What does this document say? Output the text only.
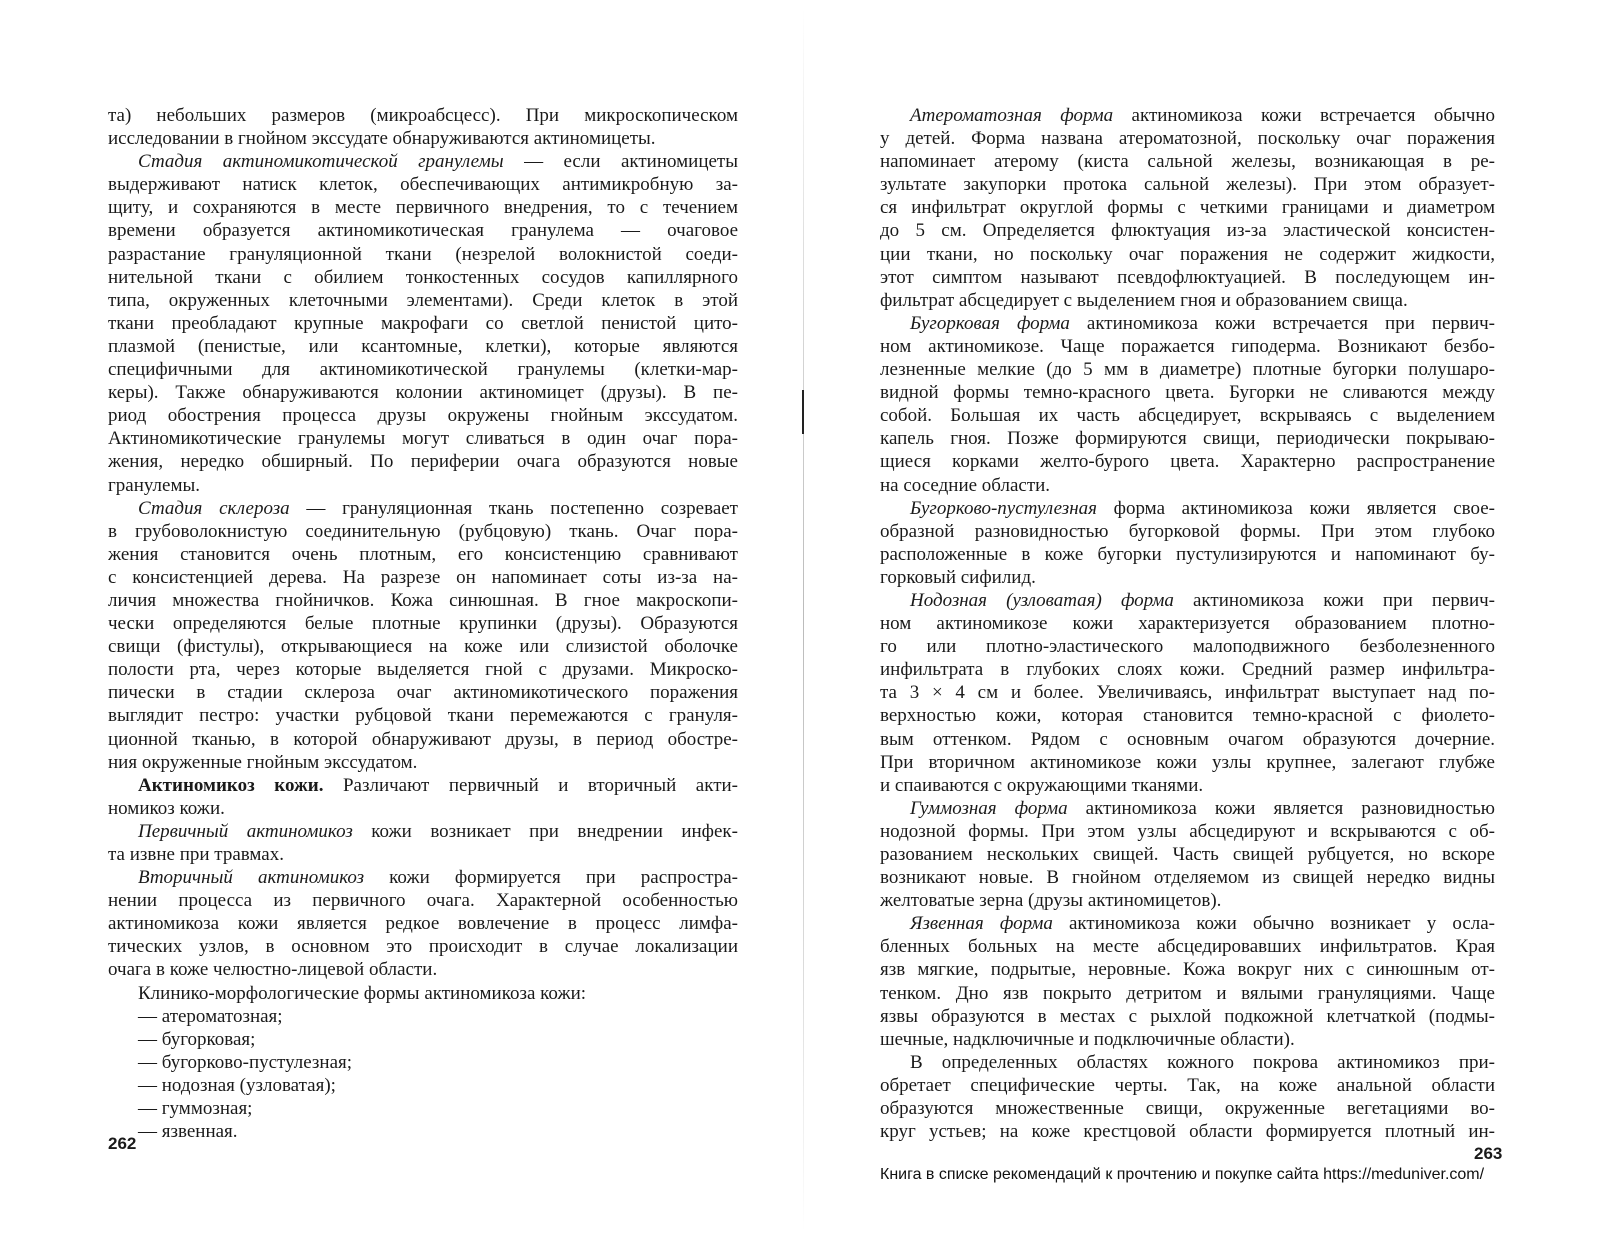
та) небольших размеров (микроабсцесс). При микроскопическом
исследовании в гнойном экссудате обнаруживаются актиномицеты.
Стадия актиномикотической гранулемы — если актиномицеты
выдерживают натиск клеток, обеспечивающих антимикробную за-
щиту, и сохраняются в месте первичного внедрения, то с течением
времени образуется актиномикотическая гранулема — очаговое
разрастание грануляционной ткани (незрелой волокнистой соеди-
нительной ткани с обилием тонкостенных сосудов капиллярного
типа, окруженных клеточными элементами). Среди клеток в этой
ткани преобладают крупные макрофаги со светлой пенистой цито-
плазмой (пенистые, или ксантомные, клетки), которые являются
специфичными для актиномикотической гранулемы (клетки-мар-
керы). Также обнаруживаются колонии актиномицет (друзы). В пе-
риод обострения процесса друзы окружены гнойным экссудатом.
Актиномикотические гранулемы могут сливаться в один очаг пора-
жения, нередко обширный. По периферии очага образуются новые
гранулемы.
Стадия склероза — грануляционная ткань постепенно созревает
в грубоволокнистую соединительную (рубцовую) ткань. Очаг пора-
жения становится очень плотным, его консистенцию сравнивают
с консистенцией дерева. На разрезе он напоминает соты из-за на-
личия множества гнойничков. Кожа синюшная. В гное макроскопи-
чески определяются белые плотные крупинки (друзы). Образуются
свищи (фистулы), открывающиеся на коже или слизистой оболочке
полости рта, через которые выделяется гной с друзами. Микроско-
пически в стадии склероза очаг актиномикотического поражения
выглядит пестро: участки рубцовой ткани перемежаются с грануля-
ционной тканью, в которой обнаруживают друзы, в период обостре-
ния окруженные гнойным экссудатом.
Актиномикоз кожи. Различают первичный и вторичный акти-
номикоз кожи.
Первичный актиномикоз кожи возникает при внедрении инфек-
та извне при травмах.
Вторичный актиномикоз кожи формируется при распростра-
нении процесса из первичного очага. Характерной особенностью
актиномикоза кожи является редкое вовлечение в процесс лимфа-
тических узлов, в основном это происходит в случае локализации
очага в коже челюстно-лицевой области.
Клинико-морфологические формы актиномикоза кожи:
— атероматозная;
— бугорковая;
— бугорково-пустулезная;
— нодозная (узловатая);
— гуммозная;
— язвенная.
Атероматозная форма актиномикоза кожи встречается обычно
у детей. Форма названа атероматозной, поскольку очаг поражения
напоминает атерому (киста сальной железы, возникающая в ре-
зультате закупорки протока сальной железы). При этом образует-
ся инфильтрат округлой формы с четкими границами и диаметром
до 5 см. Определяется флюктуация из-за эластической консистен-
ции ткани, но поскольку очаг поражения не содержит жидкости,
этот симптом называют псевдофлюктуацией. В последующем ин-
фильтрат абсцедирует с выделением гноя и образованием свища.
Бугорковая форма актиномикоза кожи встречается при первич-
ном актиномикозе. Чаще поражается гиподерма. Возникают безбо-
лезненные мелкие (до 5 мм в диаметре) плотные бугорки полушаро-
видной формы темно-красного цвета. Бугорки не сливаются между
собой. Большая их часть абсцедирует, вскрываясь с выделением
капель гноя. Позже формируются свищи, периодически покрываю-
щиеся корками желто-бурого цвета. Характерно распространение
на соседние области.
Бугорково-пустулезная форма актиномикоза кожи является свое-
образной разновидностью бугорковой формы. При этом глубоко
расположенные в коже бугорки пустулизируются и напоминают бу-
горковый сифилид.
Нодозная (узловатая) форма актиномикоза кожи при первич-
ном актиномикозе кожи характеризуется образованием плотно-
го или плотно-эластического малоподвижного безболезненного
инфильтрата в глубоких слоях кожи. Средний размер инфильтра-
та 3 × 4 см и более. Увеличиваясь, инфильтрат выступает над по-
верхностью кожи, которая становится темно-красной с фиолето-
вым оттенком. Рядом с основным очагом образуются дочерние.
При вторичном актиномикозе кожи узлы крупнее, залегают глубже
и спаиваются с окружающими тканями.
Гуммозная форма актиномикоза кожи является разновидностью
нодозной формы. При этом узлы абсцедируют и вскрываются с об-
разованием нескольких свищей. Часть свищей рубцуется, но вскоре
возникают новые. В гнойном отделяемом из свищей нередко видны
желтоватые зерна (друзы актиномицетов).
Язвенная форма актиномикоза кожи обычно возникает у осла-
бленных больных на месте абсцедировавших инфильтратов. Края
язв мягкие, подрытые, неровные. Кожа вокруг них с синюшным от-
тенком. Дно язв покрыто детритом и вялыми грануляциями. Чаще
язвы образуются в местах с рыхлой подкожной клетчаткой (подмы-
шечные, надключичные и подключичные области).
В определенных областях кожного покрова актиномикоз при-
обретает специфические черты. Так, на коже анальной области
образуются множественные свищи, окруженные вегетациями во-
круг устьев; на коже крестцовой области формируется плотный ин-
262
263
Книга в списке рекомендаций к прочтению и покупке сайта https://meduniver.com/
